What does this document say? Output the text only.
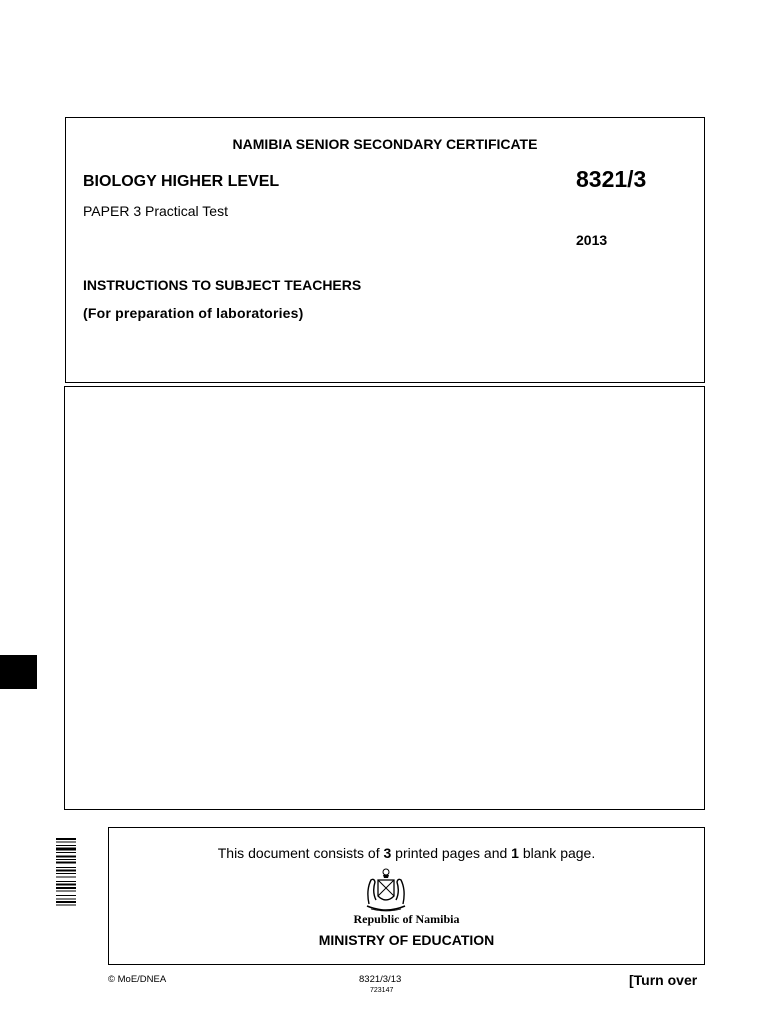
NAMIBIA SENIOR SECONDARY CERTIFICATE
BIOLOGY HIGHER LEVEL	8321/3
PAPER 3 Practical Test
2013
INSTRUCTIONS TO SUBJECT TEACHERS
(For preparation of laboratories)
This document consists of 3 printed pages and 1 blank page.
Republic of Namibia
MINISTRY OF EDUCATION
© MoE/DNEA	8321/3/13
723147
[Turn over
